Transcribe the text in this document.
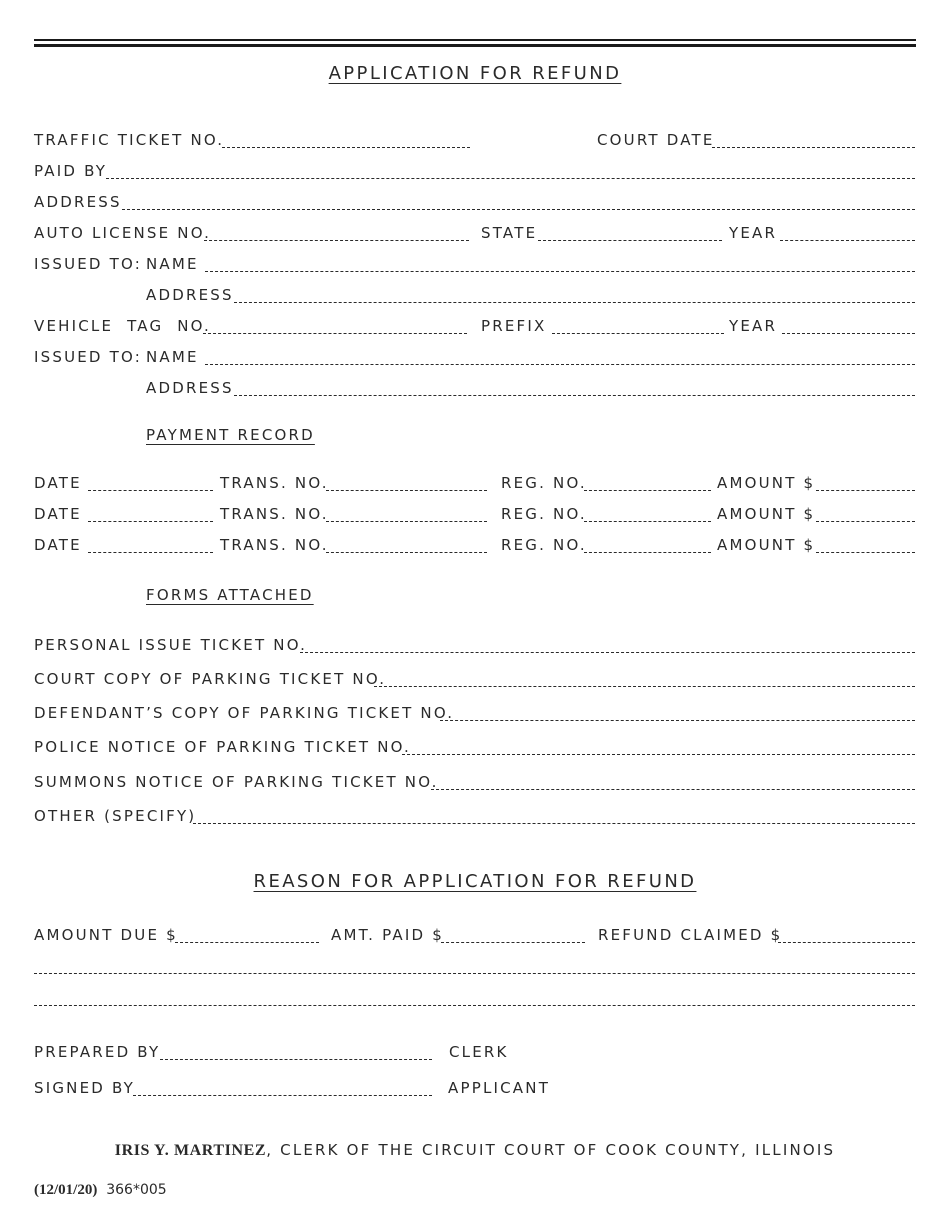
APPLICATION FOR REFUND
TRAFFIC TICKET NO.	COURT DATE
PAID BY
ADDRESS
AUTO LICENSE NO.	STATE	YEAR
ISSUED TO: NAME
ADDRESS
VEHICLE  TAG  NO.	PREFIX	YEAR
ISSUED TO: NAME
ADDRESS
PAYMENT RECORD
DATE	TRANS. NO.	REG. NO.	AMOUNT $
DATE	TRANS. NO.	REG. NO.	AMOUNT $
DATE	TRANS. NO.	REG. NO.	AMOUNT $
FORMS ATTACHED
PERSONAL ISSUE TICKET NO.
COURT COPY OF PARKING TICKET NO.
DEFENDANT’S COPY OF PARKING TICKET NO.
POLICE NOTICE OF PARKING TICKET NO.
SUMMONS NOTICE OF PARKING TICKET NO.
OTHER (SPECIFY)
REASON FOR APPLICATION FOR REFUND
AMOUNT DUE $	AMT. PAID $	REFUND CLAIMED $
PREPARED BY	CLERK
SIGNED BY	APPLICANT
IRIS Y. MARTINEZ, CLERK OF THE CIRCUIT COURT OF COOK COUNTY, ILLINOIS
(12/01/20) 366*005
